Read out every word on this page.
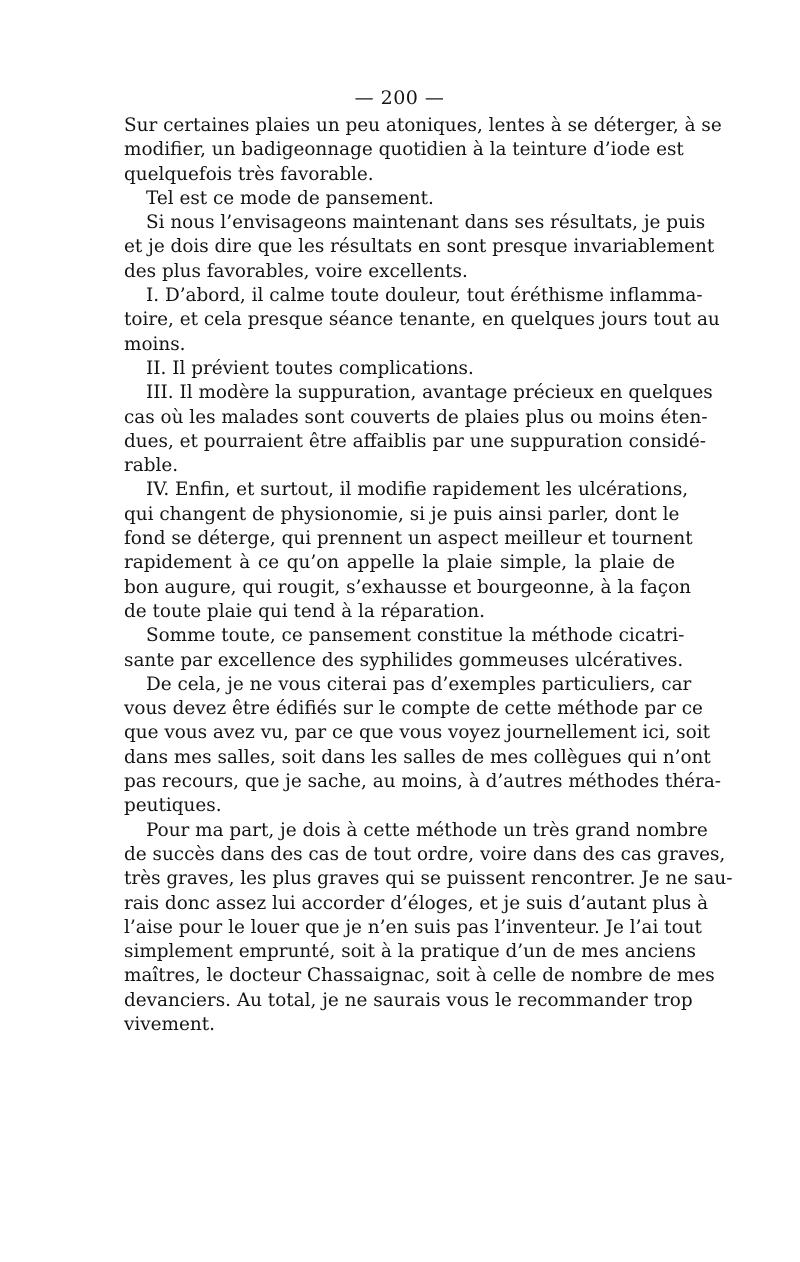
— 200 —
Sur certaines plaies un peu atoniques, lentes à se déterger, à se
modifier, un badigeonnage quotidien à la teinture d’iode est
quelquefois très favorable.
Tel est ce mode de pansement.
Si nous l’envisageons maintenant dans ses résultats, je puis
et je dois dire que les résultats en sont presque invariablement
des plus favorables, voire excellents.
I. D’abord, il calme toute douleur, tout éréthisme inflamma-
toire, et cela presque séance tenante, en quelques jours tout au
moins.
II. Il prévient toutes complications.
III. Il modère la suppuration, avantage précieux en quelques
cas où les malades sont couverts de plaies plus ou moins éten-
dues, et pourraient être affaiblis par une suppuration considé-
rable.
IV. Enfin, et surtout, il modifie rapidement les ulcérations,
qui changent de physionomie, si je puis ainsi parler, dont le
fond se déterge, qui prennent un aspect meilleur et tournent
rapidement à ce qu’on appelle la plaie simple, la plaie de
bon augure, qui rougit, s’exhausse et bourgeonne, à la façon
de toute plaie qui tend à la réparation.
Somme toute, ce pansement constitue la méthode cicatri-
sante par excellence des syphilides gommeuses ulcératives.
De cela, je ne vous citerai pas d’exemples particuliers, car
vous devez être édifiés sur le compte de cette méthode par ce
que vous avez vu, par ce que vous voyez journellement ici, soit
dans mes salles, soit dans les salles de mes collègues qui n’ont
pas recours, que je sache, au moins, à d’autres méthodes théra-
peutiques.
Pour ma part, je dois à cette méthode un très grand nombre
de succès dans des cas de tout ordre, voire dans des cas graves,
très graves, les plus graves qui se puissent rencontrer. Je ne sau-
rais donc assez lui accorder d’éloges, et je suis d’autant plus à
l’aise pour le louer que je n’en suis pas l’inventeur. Je l’ai tout
simplement emprunté, soit à la pratique d’un de mes anciens
maîtres, le docteur Chassaignac, soit à celle de nombre de mes
devanciers. Au total, je ne saurais vous le recommander trop
vivement.
